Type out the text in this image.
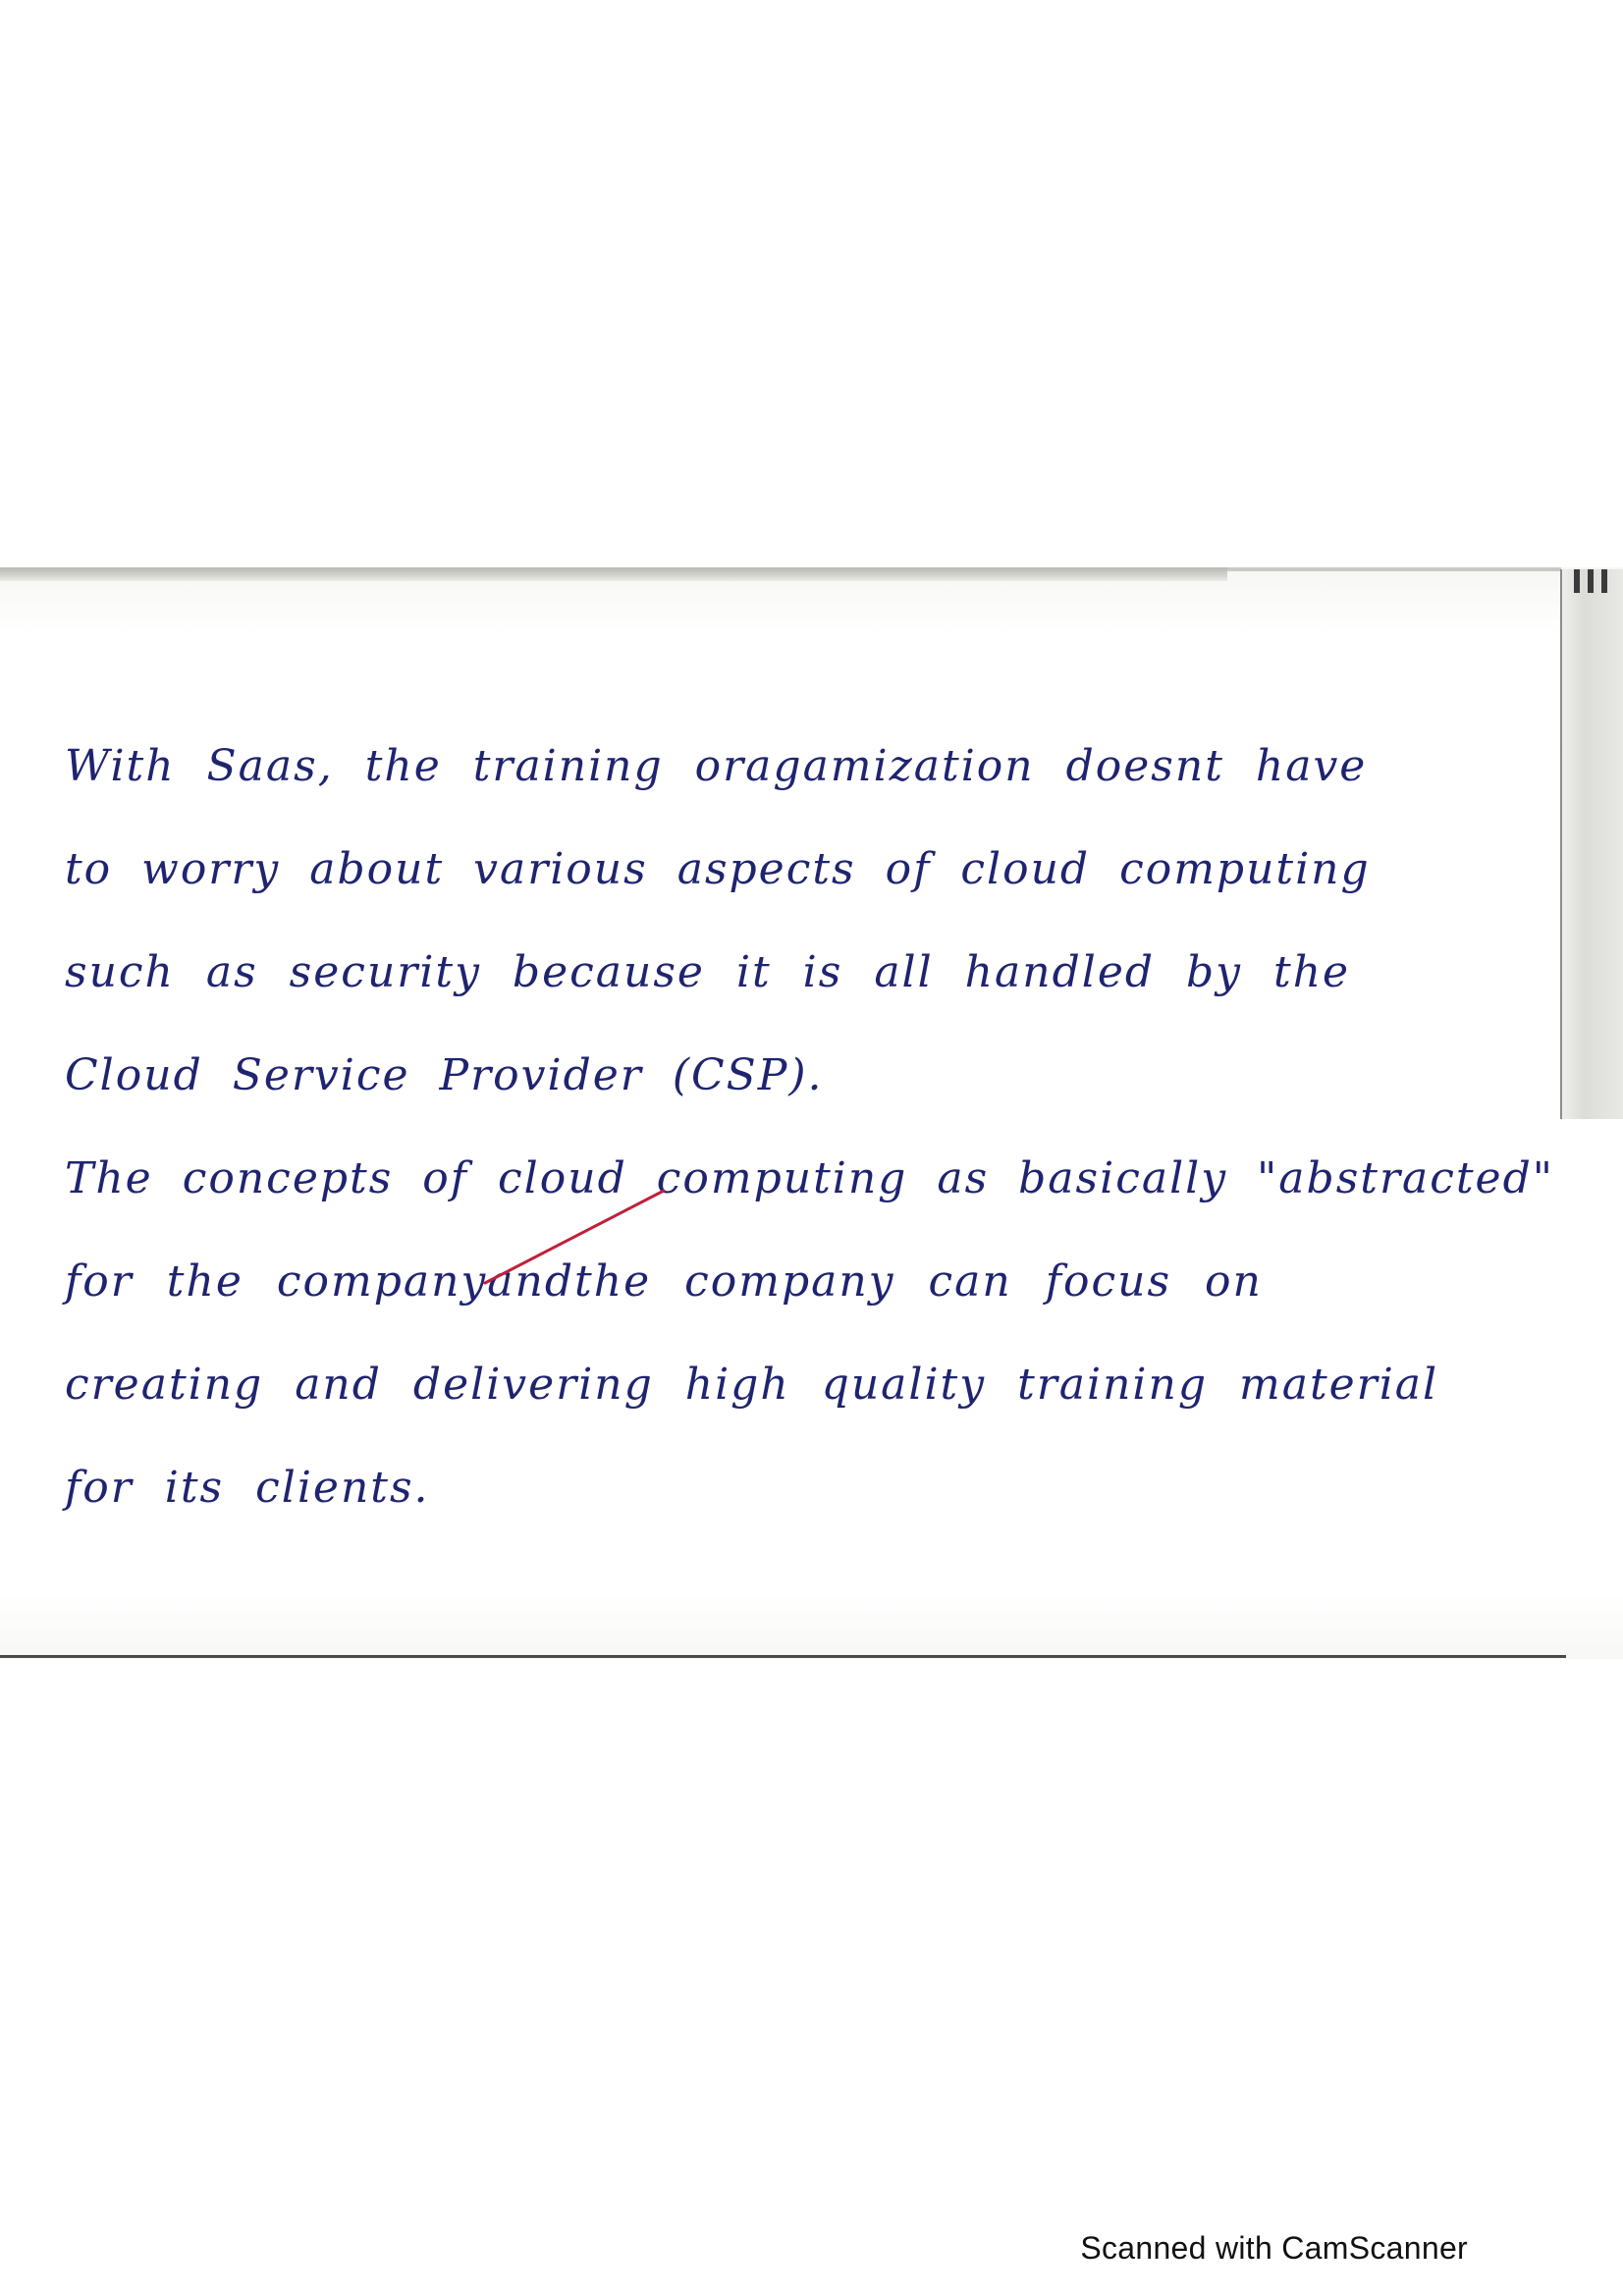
With Saas, the training oragamization doesnt have
to worry about various aspects of cloud computing
such as security because it is all handled by the
Cloud Service Provider (CSP).
The concepts of cloud computing as basically "abstracted"
for the companyand
the company can focus on
creating and delivering high quality training material
for its clients.
Scanned with CamScanner
